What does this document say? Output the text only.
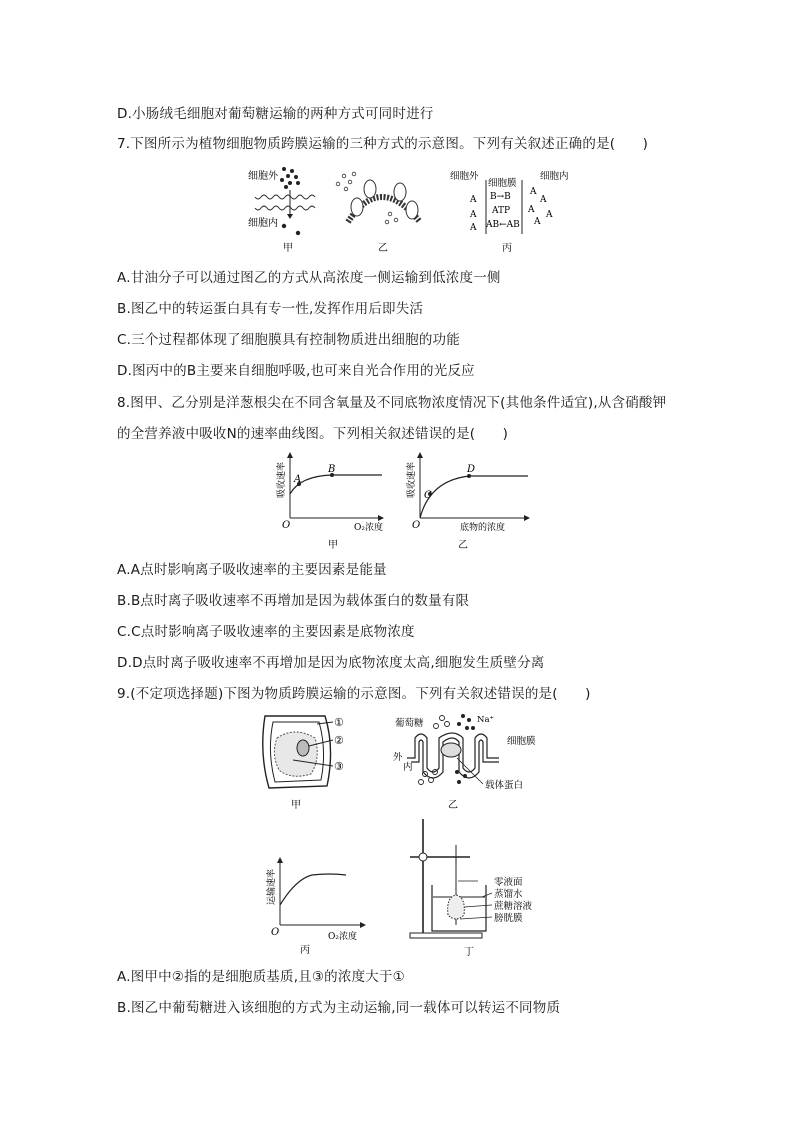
D.小肠绒毛细胞对葡萄糖运输的两种方式可同时进行
7.下图所示为植物细胞物质跨膜运输的三种方式的示意图。下列有关叙述正确的是(　　)
细胞外
细胞内
甲	乙
细胞外
细胞膜
细胞内
B→B
ATP
AB←AB
A
A
A
A
A
A A
A
丙
A.甘油分子可以通过图乙的方式从高浓度一侧运输到低浓度一侧
B.图乙中的转运蛋白具有专一性,发挥作用后即失活
C.三个过程都体现了细胞膜具有控制物质进出细胞的功能
D.图丙中的B主要来自细胞呼吸,也可来自光合作用的光反应
8.图甲、乙分别是洋葱根尖在不同含氧量及不同底物浓度情况下(其他条件适宜),从含硝酸钾
的全营养液中吸收N的速率曲线图。下列相关叙述错误的是(　　)
A
B
O	O₂浓度
吸收速率
甲
C
D
O	底物的浓度
吸收速率
乙
A.A点时影响离子吸收速率的主要因素是能量
B.B点时离子吸收速率不再增加是因为载体蛋白的数量有限
C.C点时影响离子吸收速率的主要因素是底物浓度
D.D点时离子吸收速率不再增加是因为底物浓度太高,细胞发生质壁分离
9.(不定项选择题)下图为物质跨膜运输的示意图。下列有关叙述错误的是(　　)
①
②
③
甲
葡萄糖	Na⁺
细胞膜
外
内
载体蛋白
乙
O	O₂浓度
运输速率
丙
零液面
蒸馏水
蔗糖溶液
膀胱膜
丁
A.图甲中②指的是细胞质基质,且③的浓度大于①
B.图乙中葡萄糖进入该细胞的方式为主动运输,同一载体可以转运不同物质
